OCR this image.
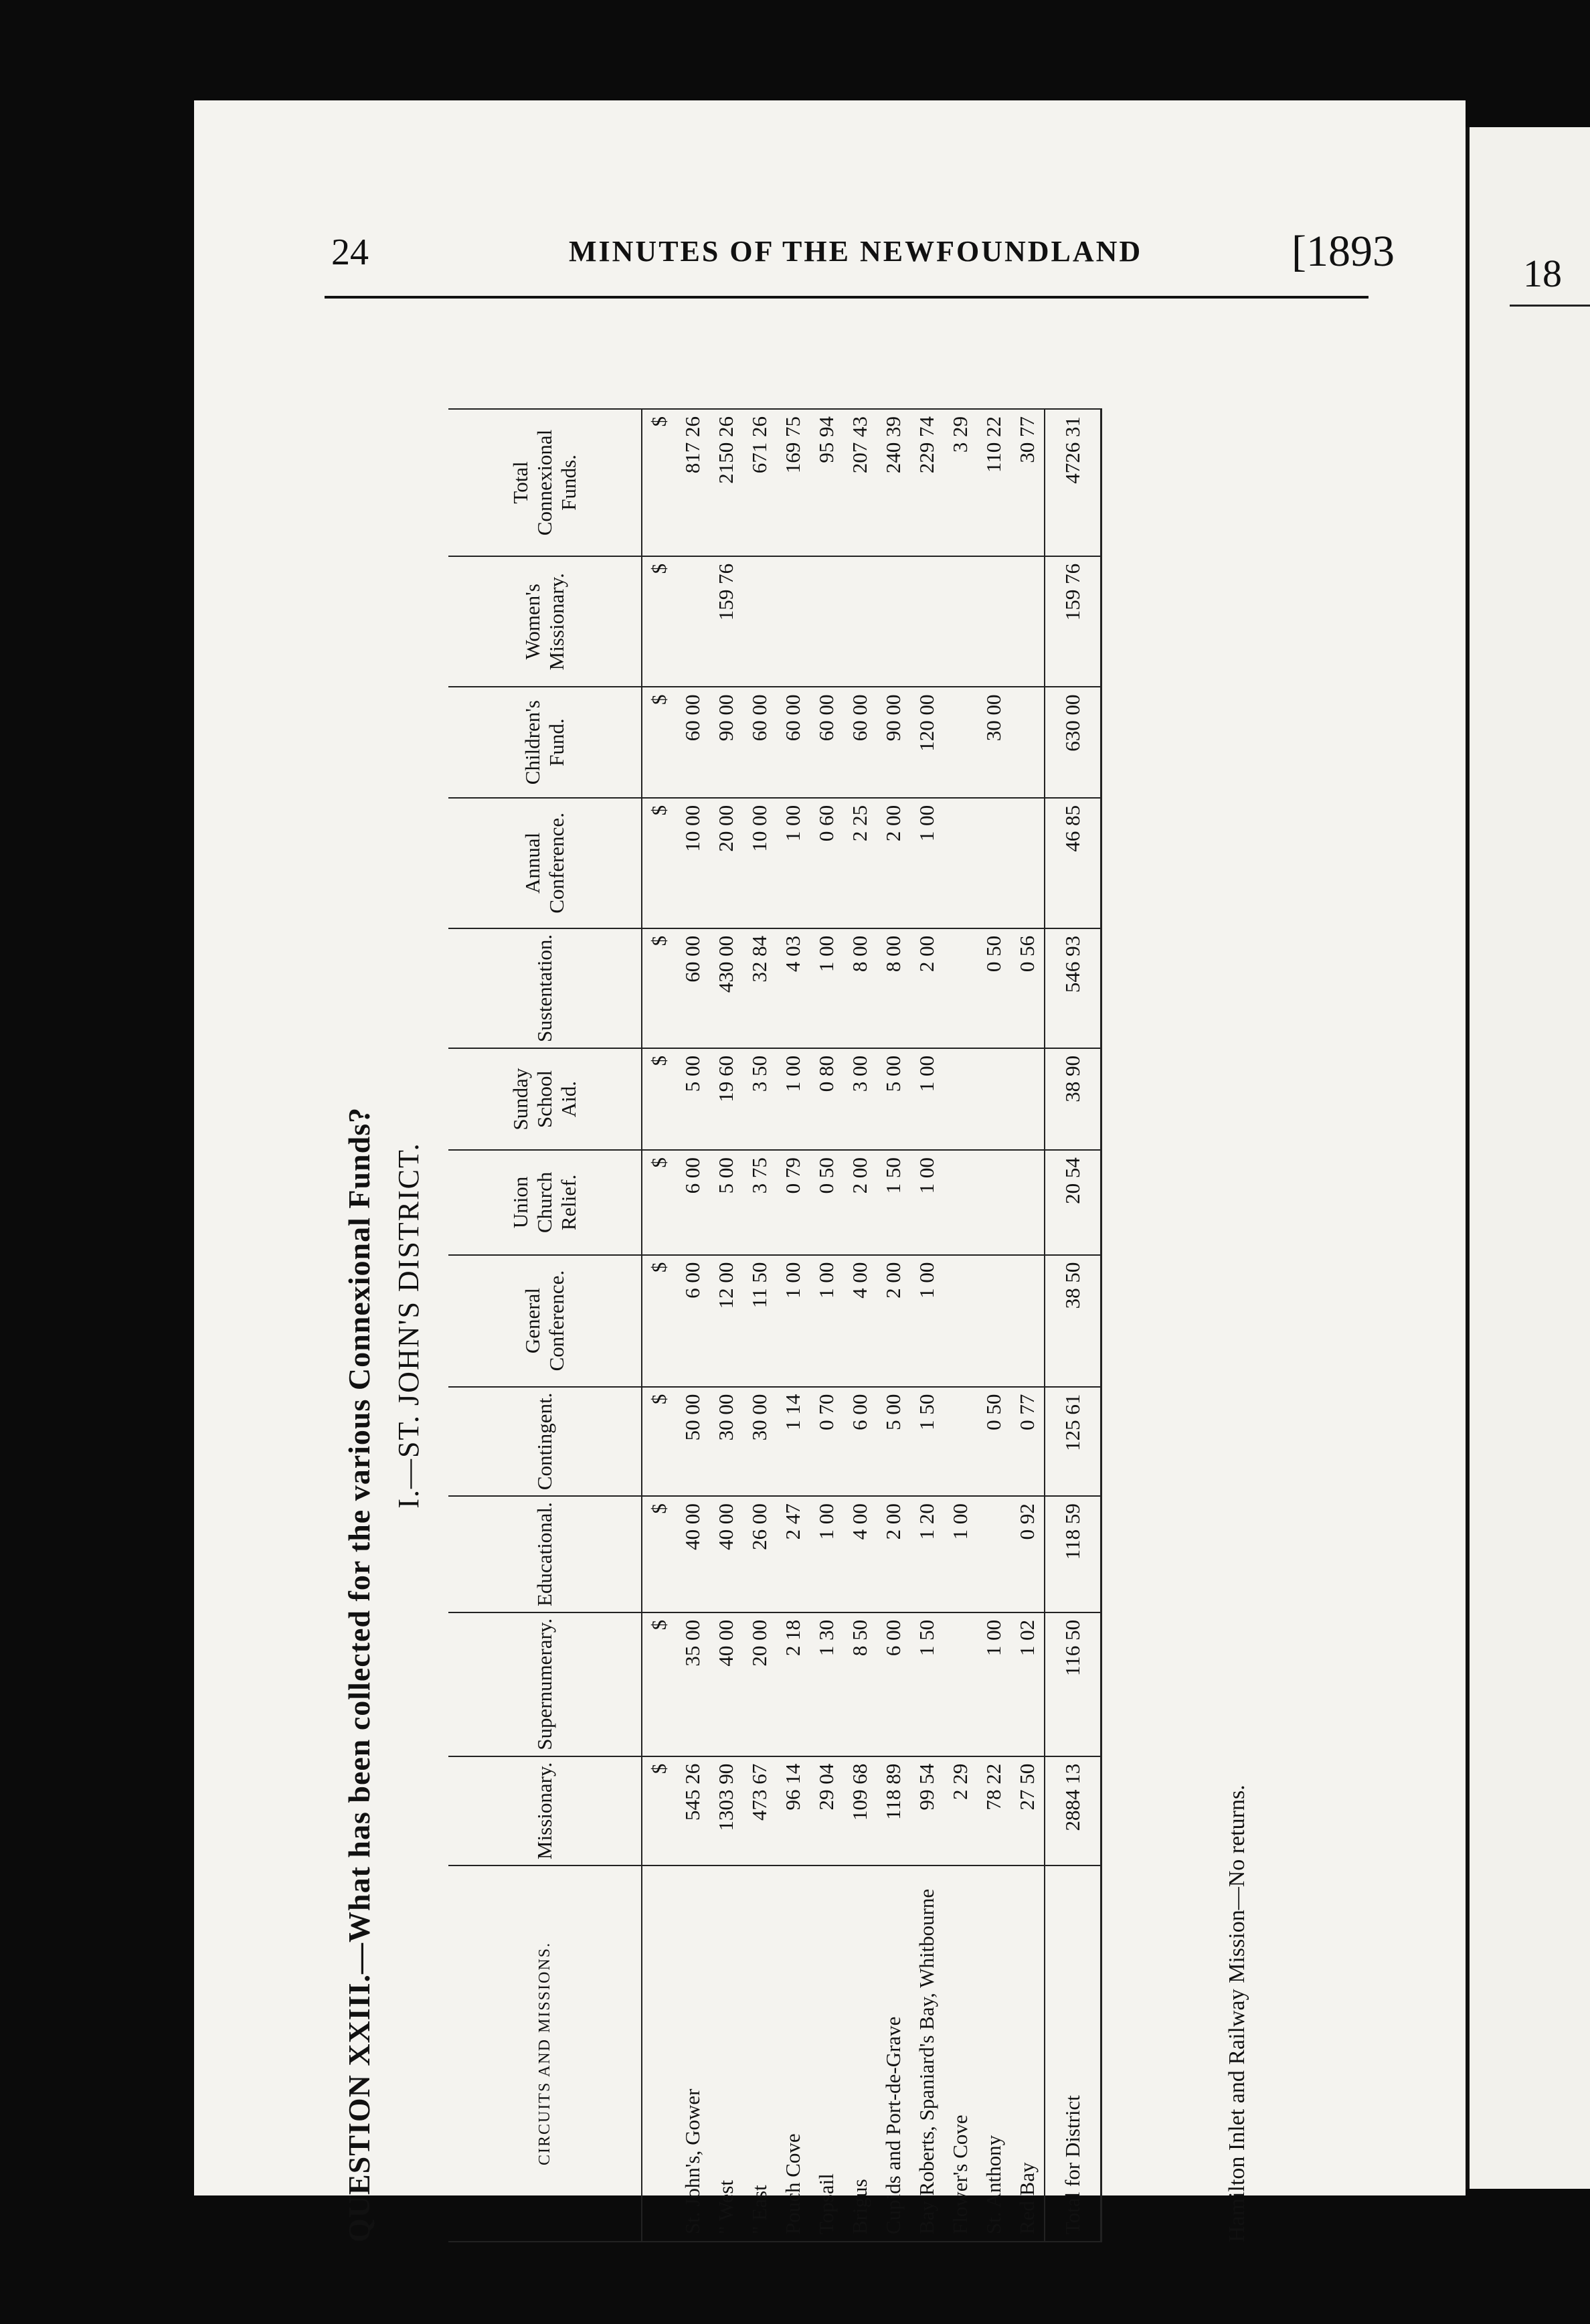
24	MINUTES OF THE NEWFOUNDLAND	[1893
QUESTION XXIII.—What has been collected for the various Connexional Funds? I.—ST. JOHN'S DISTRICT.
CIRCUITS AND MISSIONS.	Missionary.	Supernumerary.	Educational.	Contingent.	General Conference.	Union Church Relief.	Sunday School Aid.	Sustentation.	Annual Conference.	Children's Fund.	Women's Missionary.	Total Connexional Funds.
	$	$	$	$	$	$	$	$	$	$	$	$
St. John's, Gower	545 26	35 00	40 00	50 00	6 00	6 00	5 00	60 00	10 00	60 00		817 26
" West	1303 90	40 00	40 00	30 00	12 00	5 00	19 60	430 00	20 00	90 00	159 76	2150 26
" East	473 67	20 00	26 00	30 00	11 50	3 75	3 50	32 84	10 00	60 00		671 26
Pouch Cove	96 14	2 18	2 47	1 14	1 00	0 79	1 00	4 03	1 00	60 00		169 75
Topsail	29 04	1 30	1 00	0 70	1 00	0 50	0 80	1 00	0 60	60 00		95 94
Brigus	109 68	8 50	4 00	6 00	4 00	2 00	3 00	8 00	2 25	60 00		207 43
Cupids and Port-de-Grave	118 89	6 00	2 00	5 00	2 00	1 50	5 00	8 00	2 00	90 00		240 39
Bay Roberts, Spaniard's Bay, Whitbourne	99 54	1 50	1 20	1 50	1 00	1 00	1 00	2 00	1 00	120 00		229 74
Flower's Cove	2 29		1 00									3 29
St. Anthony	78 22	1 00		0 50				0 50		30 00		110 22
Red Bay	27 50	1 02	0 92	0 77				0 56				30 77
Total for District	2884 13	116 50	118 59	125 61	38 50	20 54	38 90	546 93	46 85	630 00	159 76	4726 31
Hamilton Inlet and Railway Mission—No returns.
18
